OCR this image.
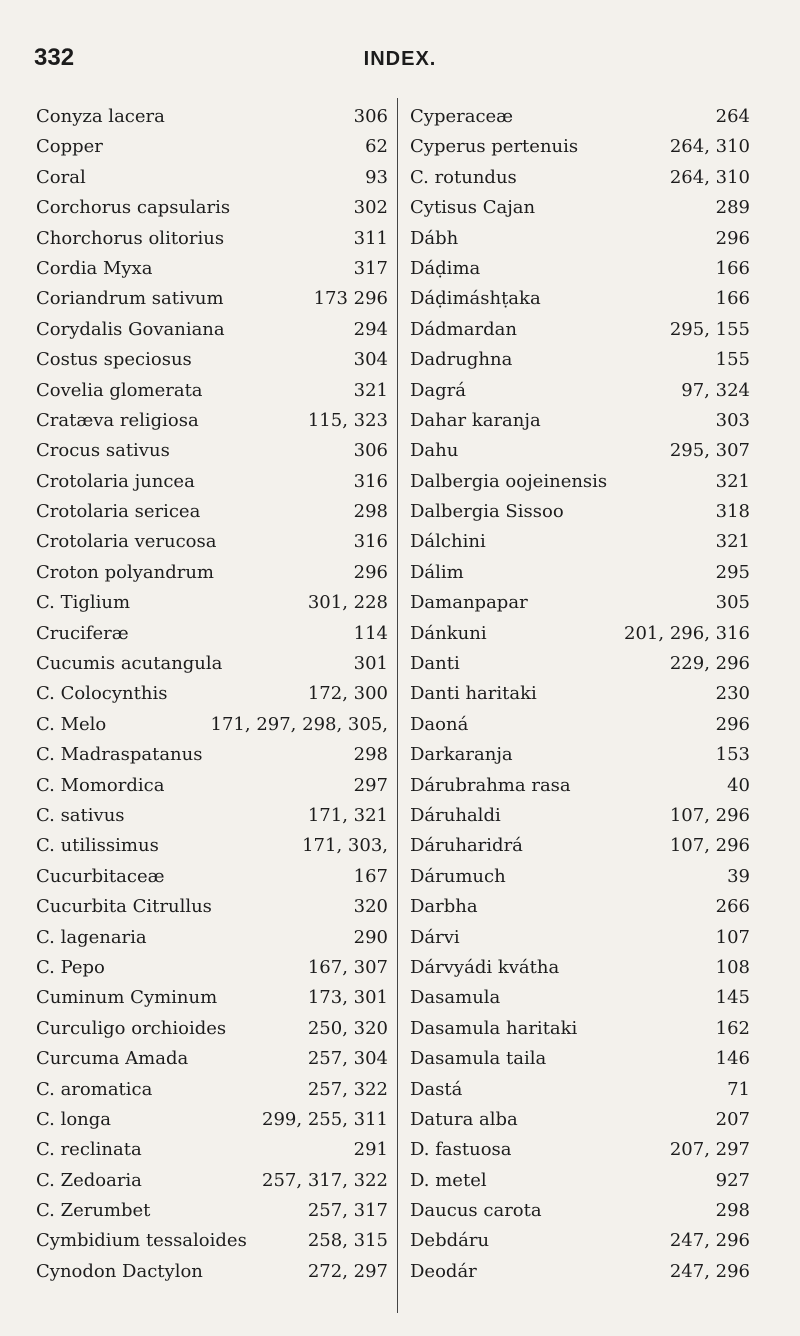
332	INDEX.
Conyza lacera	306
Copper	62
Coral	93
Corchorus capsularis	302
Chorchorus olitorius	311
Cordia Myxa	317
Coriandrum sativum	173 296
Corydalis Govaniana	294
Costus speciosus	304
Covelia glomerata	321
Cratæva religiosa	115, 323
Crocus sativus	306
Crotolaria juncea	316
Crotolaria sericea	298
Crotolaria verucosa	316
Croton polyandrum	296
C. Tiglium	301, 228
Cruciferæ	114
Cucumis acutangula	301
C. Colocynthis	172, 300
C. Melo	171, 297, 298, 305,
C. Madraspatanus	298
C. Momordica	297
C. sativus	171, 321
C. utilissimus	171, 303,
Cucurbitaceæ	167
Cucurbita Citrullus	320
C. lagenaria	290
C. Pepo	167, 307
Cuminum Cyminum	173, 301
Curculigo orchioides	250, 320
Curcuma Amada	257, 304
C. aromatica	257, 322
C. longa	299, 255, 311
C. reclinata	291
C. Zedoaria	257, 317, 322
C. Zerumbet	257, 317
Cymbidium tessaloides	258, 315
Cynodon Dactylon	272, 297
Cyperaceæ	264
Cyperus pertenuis	264, 310
C. rotundus	264, 310
Cytisus Cajan	289
Dábh	296
Dáḍima	166
Dáḍimáshṭaka	166
Dádmardan	295, 155
Dadrughna	155
Dagrá	97, 324
Dahar karanja	303
Dahu	295, 307
Dalbergia oojeinensis	321
Dalbergia Sissoo	318
Dálchini	321
Dálim	295
Damanpapar	305
Dánkuni	201, 296, 316
Danti	229, 296
Danti haritaki	230
Daoná	296
Darkaranja	153
Dárubrahma rasa	40
Dáruhaldi	107, 296
Dáruharidrá	107, 296
Dárumuch	39
Darbha	266
Dárvi	107
Dárvyádi kvátha	108
Dasamula	145
Dasamula haritaki	162
Dasamula taila	146
Dastá	71
Datura alba	207
D. fastuosa	207, 297
D. metel	927
Daucus carota	298
Debdáru	247, 296
Deodár	247, 296
